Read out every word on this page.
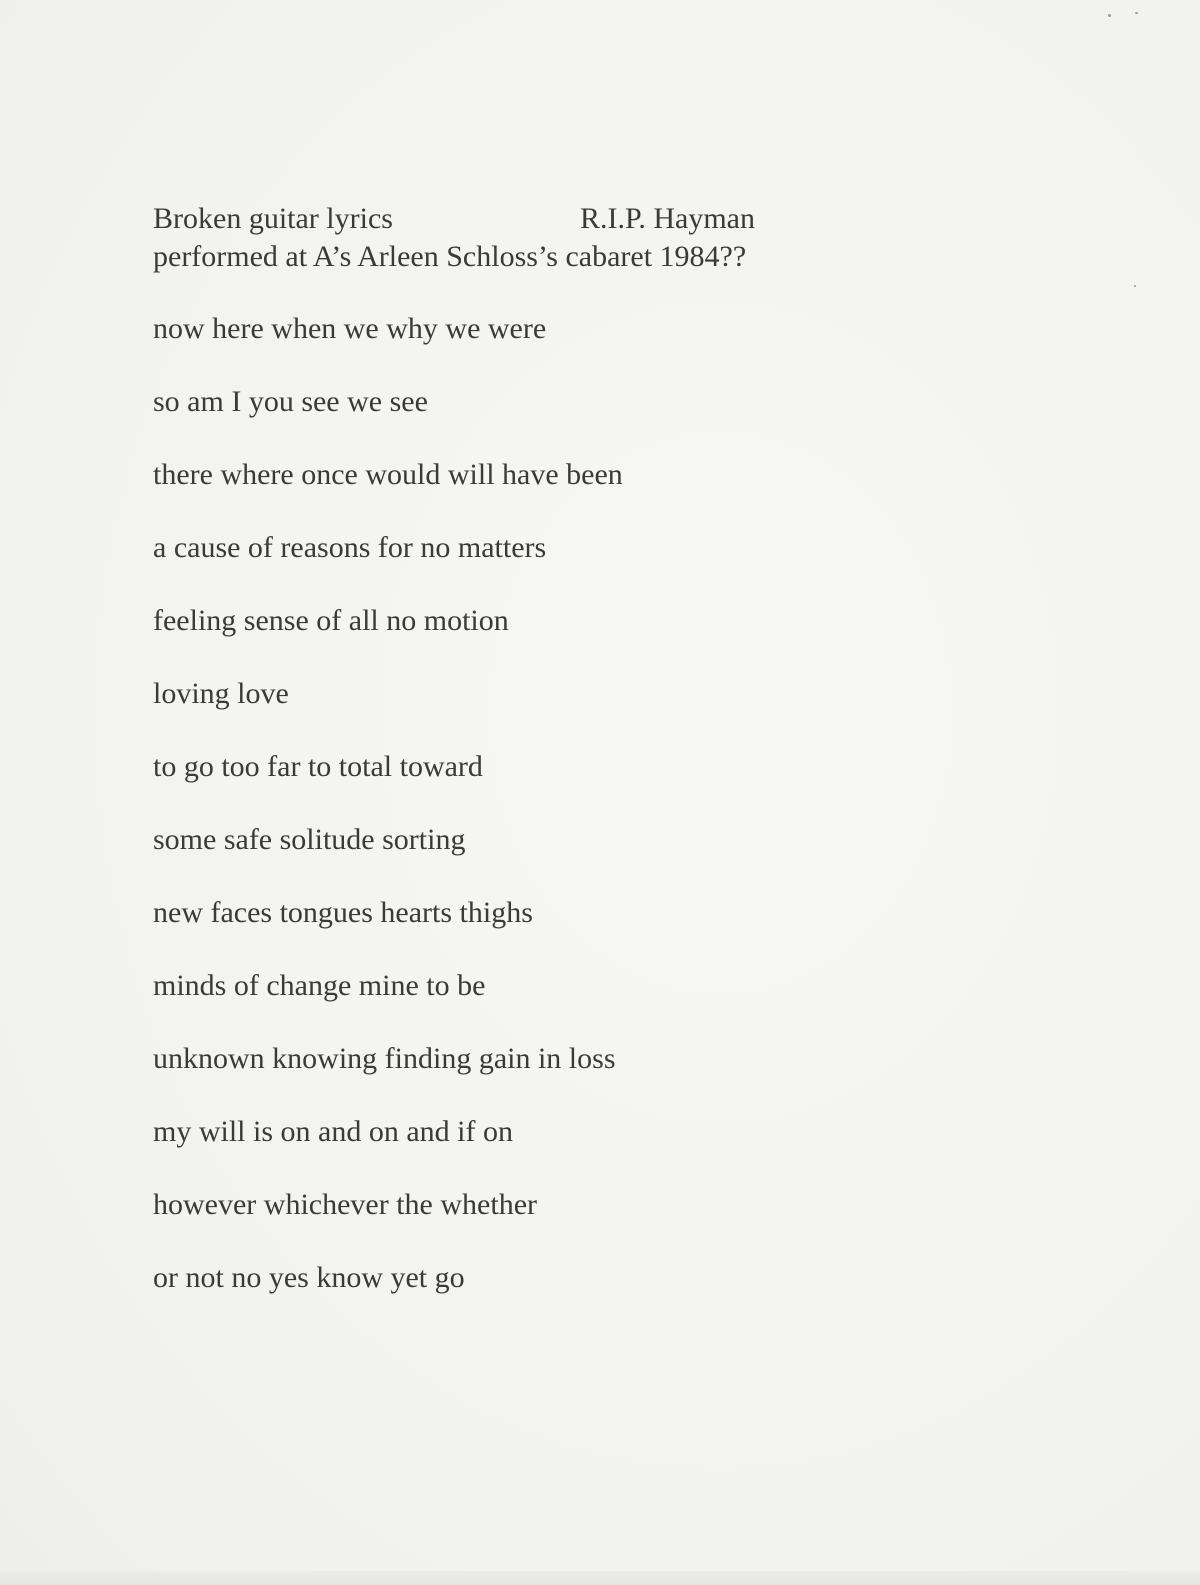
Broken guitar lyrics	R.I.P. Hayman
performed at A’s Arleen Schloss’s cabaret 1984??
now here when we why we were
so am I you see we see
there where once would will have been
a cause of reasons for no matters
feeling sense of all no motion
loving love
to go too far to total toward
some safe solitude sorting
new faces tongues hearts thighs
minds of change mine to be
unknown knowing finding gain in loss
my will is on and on and if on
however whichever the whether
or not no yes know yet go
